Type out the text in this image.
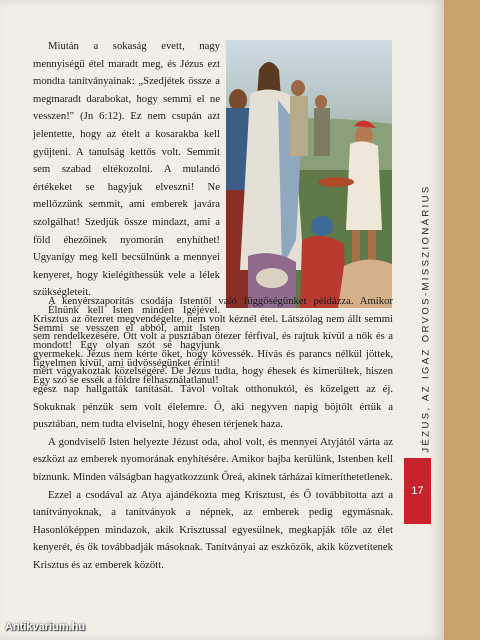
Miután a sokaság evett, nagy mennyiségű étel maradt meg, és Jézus ezt mondta tanítványainak: „Szedjétek össze a megmaradt darabokat, hogy semmi el ne vesszen!" (Jn 6:12). Ez nem csupán azt jelentette, hogy az ételt a kosarakba kell gyűjteni. A tanulság kettős volt. Semmit sem szabad eltékozolni. A mulandó értékeket se hagyjuk elveszni! Ne mellőzzünk semmit, ami emberek javára szolgálhat! Szedjük össze mindazt, ami a föld éhezőinek nyomorán enyhíthet! Ugyanígy meg kell becsülnünk a mennyei kenyeret, hogy kielégíthessük vele a lélek szükségleteit.

Élnünk kell Isten minden Igéjével. Semmi se vesszen el abból, amit Isten mondott! Egy olyan szót se hagyjunk figyelmen kívül, ami üdvösségünket érinti! Egy szó se essék a földre felhasználatlanul!

A kenyérszaporítás csodája Istentől való függőségünket példázza. Amikor Krisztus az ötezret megvendégelte, nem volt kéznél étel. Látszólag nem állt semmi sem rendelkezésére. Ott volt a pusztában ötezer férfival, és rajtuk kívül a nők és a gyermekek. Jézus nem kérte őket, hogy kövessék. Hívás és parancs nélkül jöttek, mert vágyakoztak közelségére. De Jézus tudta, hogy éhesek és kimerültek, hiszen egész nap hallgatták tanítását. Távol voltak otthonuktól, és közelgett az éj. Sokuknak pénzük sem volt élelemre. Ő, aki negyven napig böjtölt értük a pusztában, nem tudta elviselni, hogy éhesen térjenek haza.

A gondviselő Isten helyezte Jézust oda, ahol volt, és mennyei Atyjától várta az eszközt az emberek nyomorának enyhítésére. Amikor bajba kerülünk, Istenben kell bíznunk. Minden válságban hagyatkozzunk Őreá, akinek tárházai kimeríthetetlenek.

Ezzel a csodával az Atya ajándékozta meg Krisztust, és Ő továbbította azt a tanítványoknak, a tanítványok a népnek, az emberek pedig egymásnak. Hasonlóképpen mindazok, akik Krisztussal egyesülnek, megkapják tőle az élet kenyerét, és ők továbbadják másoknak. Tanítványai az eszközök, akik közvetítenek Krisztus és az emberek között.

JÉZUS, AZ IGAZ ORVOS-MISSZIONÁRIUS
17
Antikvarium.hu
